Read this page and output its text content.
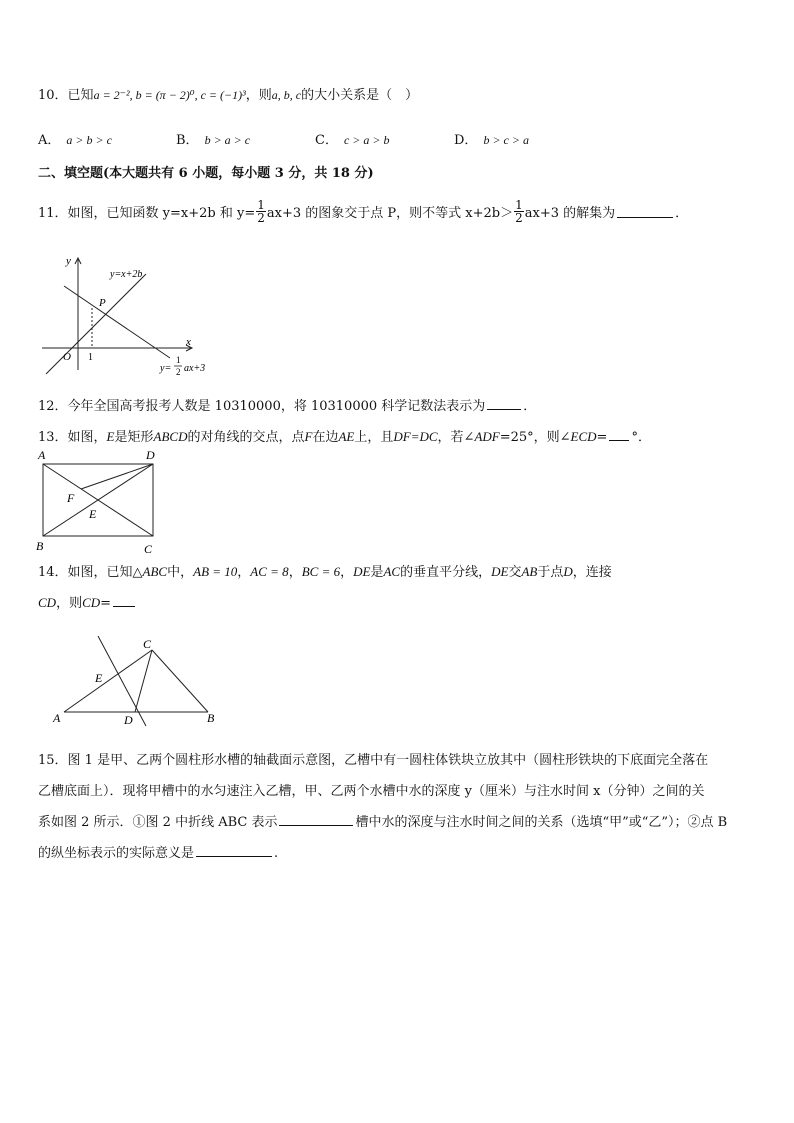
10．已知a = 2⁻², b = (π − 2)⁰, c = (−1)³，则a, b, c的大小关系是（　）
A． a > b > c	B． b > a > c	C． c > a > b	D． b > c > a
二、填空题(本大题共有 6 小题，每小题 3 分，共 18 分)
11．如图，已知函数 y=x+2b 和 $y= \frac{1}{2} ax+3$ 的图象交于点 P，则不等式 $x+2b> \frac{1}{2} ax+3$ 的解集为	．
x
y
O 1
P
y=x+2b
y=
1
2 ax+3
12．今年全国高考报考人数是 10310000，将 10310000 科学记数法表示为	．
13．如图，E是矩形ABCD的对角线的交点，点F在边AE上，且DF=DC，若∠ADF=25°，则∠ECD= °．
A	D
B	C
F
E
14．如图，已知△ABC中，AB = 10，AC = 8，BC = 6，DE是AC的垂直平分线，DE交AB于点D，连接
CD，则CD=
A	B
C
D
E
15．图 1 是甲、乙两个圆柱形水槽的轴截面示意图，乙槽中有一圆柱体铁块立放其中（圆柱形铁块的下底面完全落在
乙槽底面上）．现将甲槽中的水匀速注入乙槽，甲、乙两个水槽中水的深度 y（厘米）与注水时间 x（分钟）之间的关
系如图 2 所示．①图 2 中折线 ABC 表示	槽中水的深度与注水时间之间的关系（选填“甲”或“乙”）；②点 B
的纵坐标表示的实际意义是	.
